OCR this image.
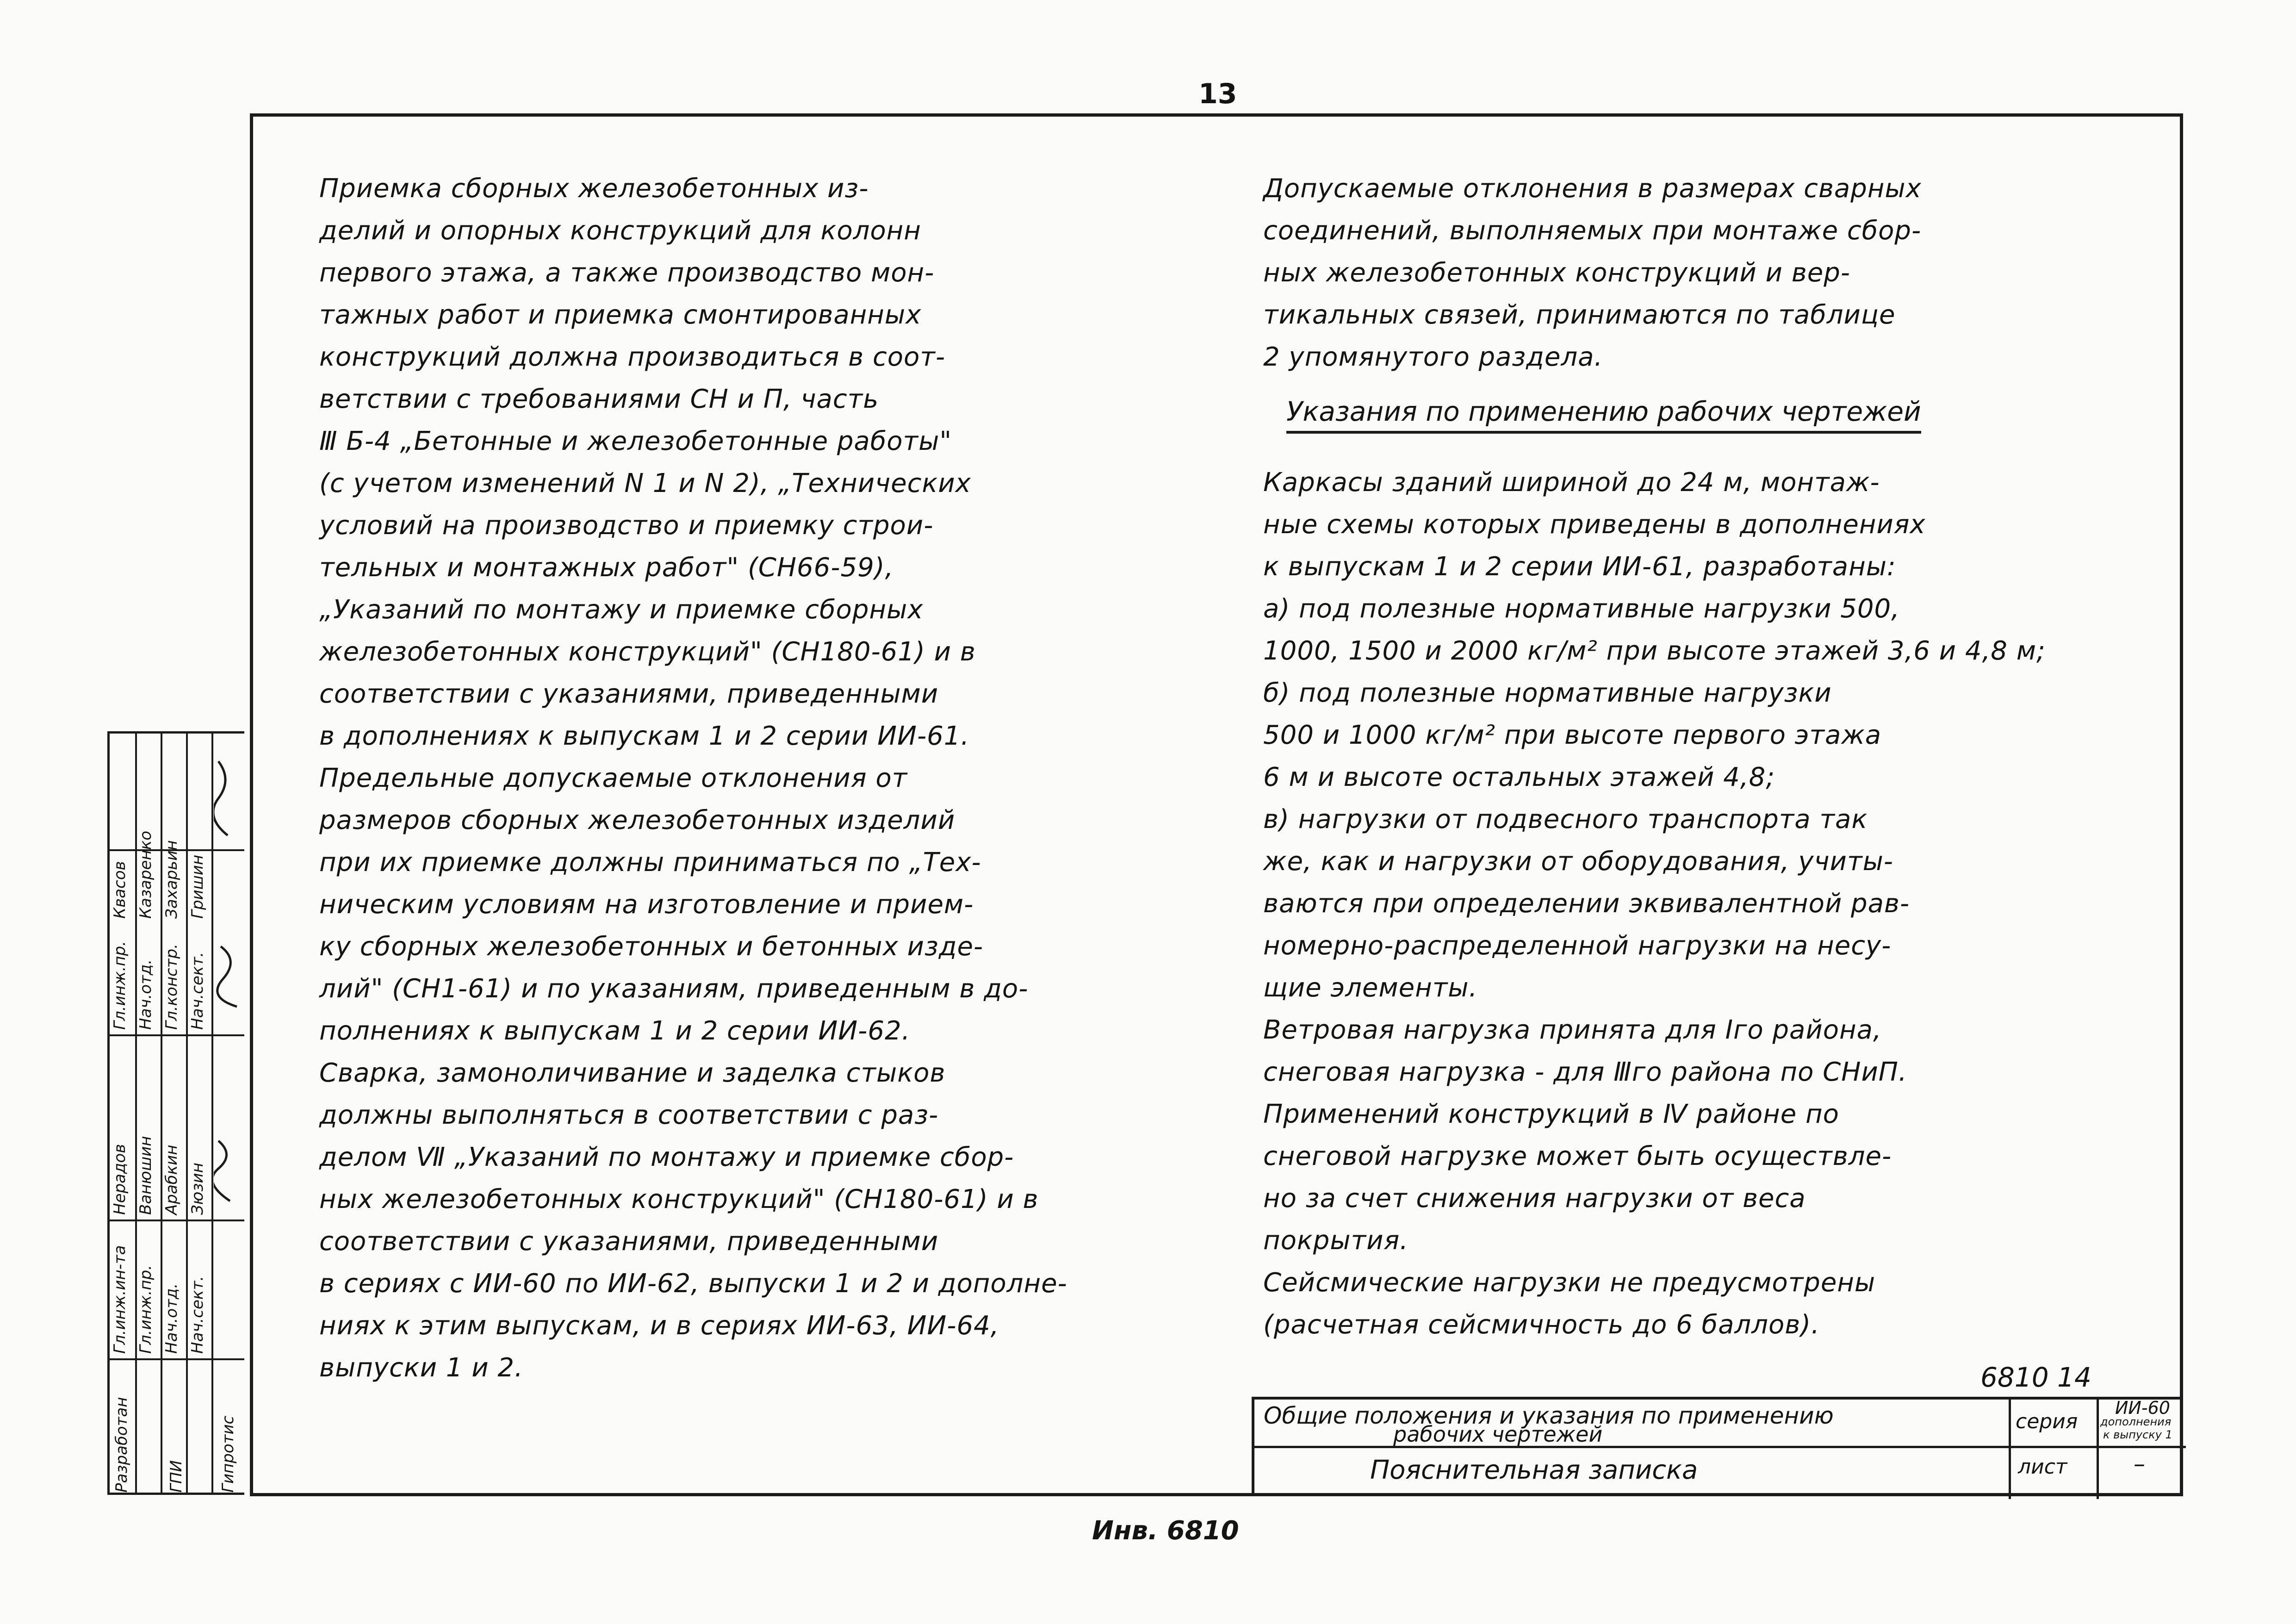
13
Приемка сборных железобетонных из-
делий и опорных конструкций для колонн
первого этажа, а также производство мон-
тажных работ и приемка смонтированных
конструкций должна производиться в соот-
ветствии с требованиями СН и П, часть
Ⅲ Б-4 „Бетонные и железобетонные работы"
(с учетом изменений N 1 и N 2), „Технических
условий на производство и приемку строи-
тельных и монтажных работ" (СН66-59),
„Указаний по монтажу и приемке сборных
железобетонных конструкций" (СН180-61) и в
соответствии с указаниями, приведенными
в дополнениях к выпускам 1 и 2 серии ИИ-61.
Предельные допускаемые отклонения от
размеров сборных железобетонных изделий
при их приемке должны приниматься по „Тех-
ническим условиям на изготовление и прием-
ку сборных железобетонных и бетонных изде-
лий" (СН1-61) и по указаниям, приведенным в до-
полнениях к выпускам 1 и 2 серии ИИ-62.
Сварка, замоноличивание и заделка стыков
должны выполняться в соответствии с раз-
делом Ⅶ „Указаний по монтажу и приемке сбор-
ных железобетонных конструкций" (СН180-61) и в
соответствии с указаниями, приведенными
в сериях с ИИ-60 по ИИ-62, выпуски 1 и 2 и дополне-
ниях к этим выпускам, и в сериях ИИ-63, ИИ-64,
выпуски 1 и 2.
Допускаемые отклонения в размерах сварных
соединений, выполняемых при монтаже сбор-
ных железобетонных конструкций и вер-
тикальных связей, принимаются по таблице
2 упомянутого раздела.
Указания по применению рабочих чертежей
Каркасы зданий шириной до 24 м, монтаж-
ные схемы которых приведены в дополнениях
к выпускам 1 и 2 серии ИИ-61, разработаны:
а) под полезные нормативные нагрузки 500,
1000, 1500 и 2000 кг/м² при высоте этажей 3,6 и 4,8 м;
б) под полезные нормативные нагрузки
500 и 1000 кг/м² при высоте первого этажа
6 м и высоте остальных этажей 4,8;
в) нагрузки от подвесного транспорта так
же, как и нагрузки от оборудования, учиты-
ваются при определении эквивалентной рав-
номерно-распределенной нагрузки на несу-
щие элементы.
Ветровая нагрузка принята для Iго района,
снеговая нагрузка - для Ⅲго района по СНиП.
Применений конструкций в Ⅳ районе по
снеговой нагрузке может быть осуществле-
но за счет снижения нагрузки от веса
покрытия.
Сейсмические нагрузки не предусмотрены
(расчетная сейсмичность до 6 баллов).
Разработан ГПИ Гипротис
Гл.инж.ин-та Гл.инж.пр. Нач.отд. Нач.сект.
Нерадов Ванюшин Арабкин Зюзин
Гл.инж.пр. Нач.отд. Гл.констр. Нач.сект.
Квасов Казаренко Захарьин Гришин
6810 14
Общие положения и указания по применению
рабочих чертежей
Пояснительная записка
серия
ИИ-60
дополнения
к выпуску 1
лист	–
Инв. 6810
